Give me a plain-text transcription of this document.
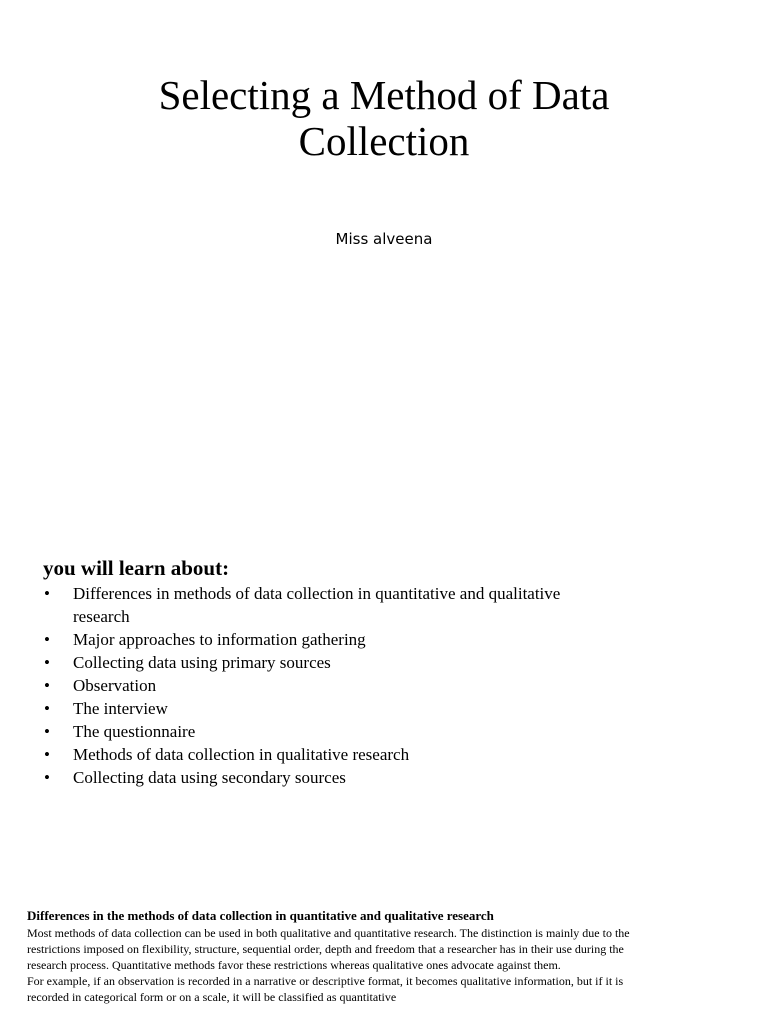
Selecting a Method of Data Collection

Miss alveena

you will learn about:
• Differences in methods of data collection in quantitative and qualitative research
• Major approaches to information gathering
• Collecting data using primary sources
• Observation
• The interview
• The questionnaire
• Methods of data collection in qualitative research
• Collecting data using secondary sources
Differences in the methods of data collection in quantitative and qualitative research

Most methods of data collection can be used in both qualitative and quantitative research. The distinction is mainly due to the restrictions imposed on flexibility, structure, sequential order, depth and freedom that a researcher has in their use during the research process. Quantitative methods favor these restrictions whereas qualitative ones advocate against them.

For example, if an observation is recorded in a narrative or descriptive format, it becomes qualitative information, but if it is recorded in categorical form or on a scale, it will be classified as quantitative
